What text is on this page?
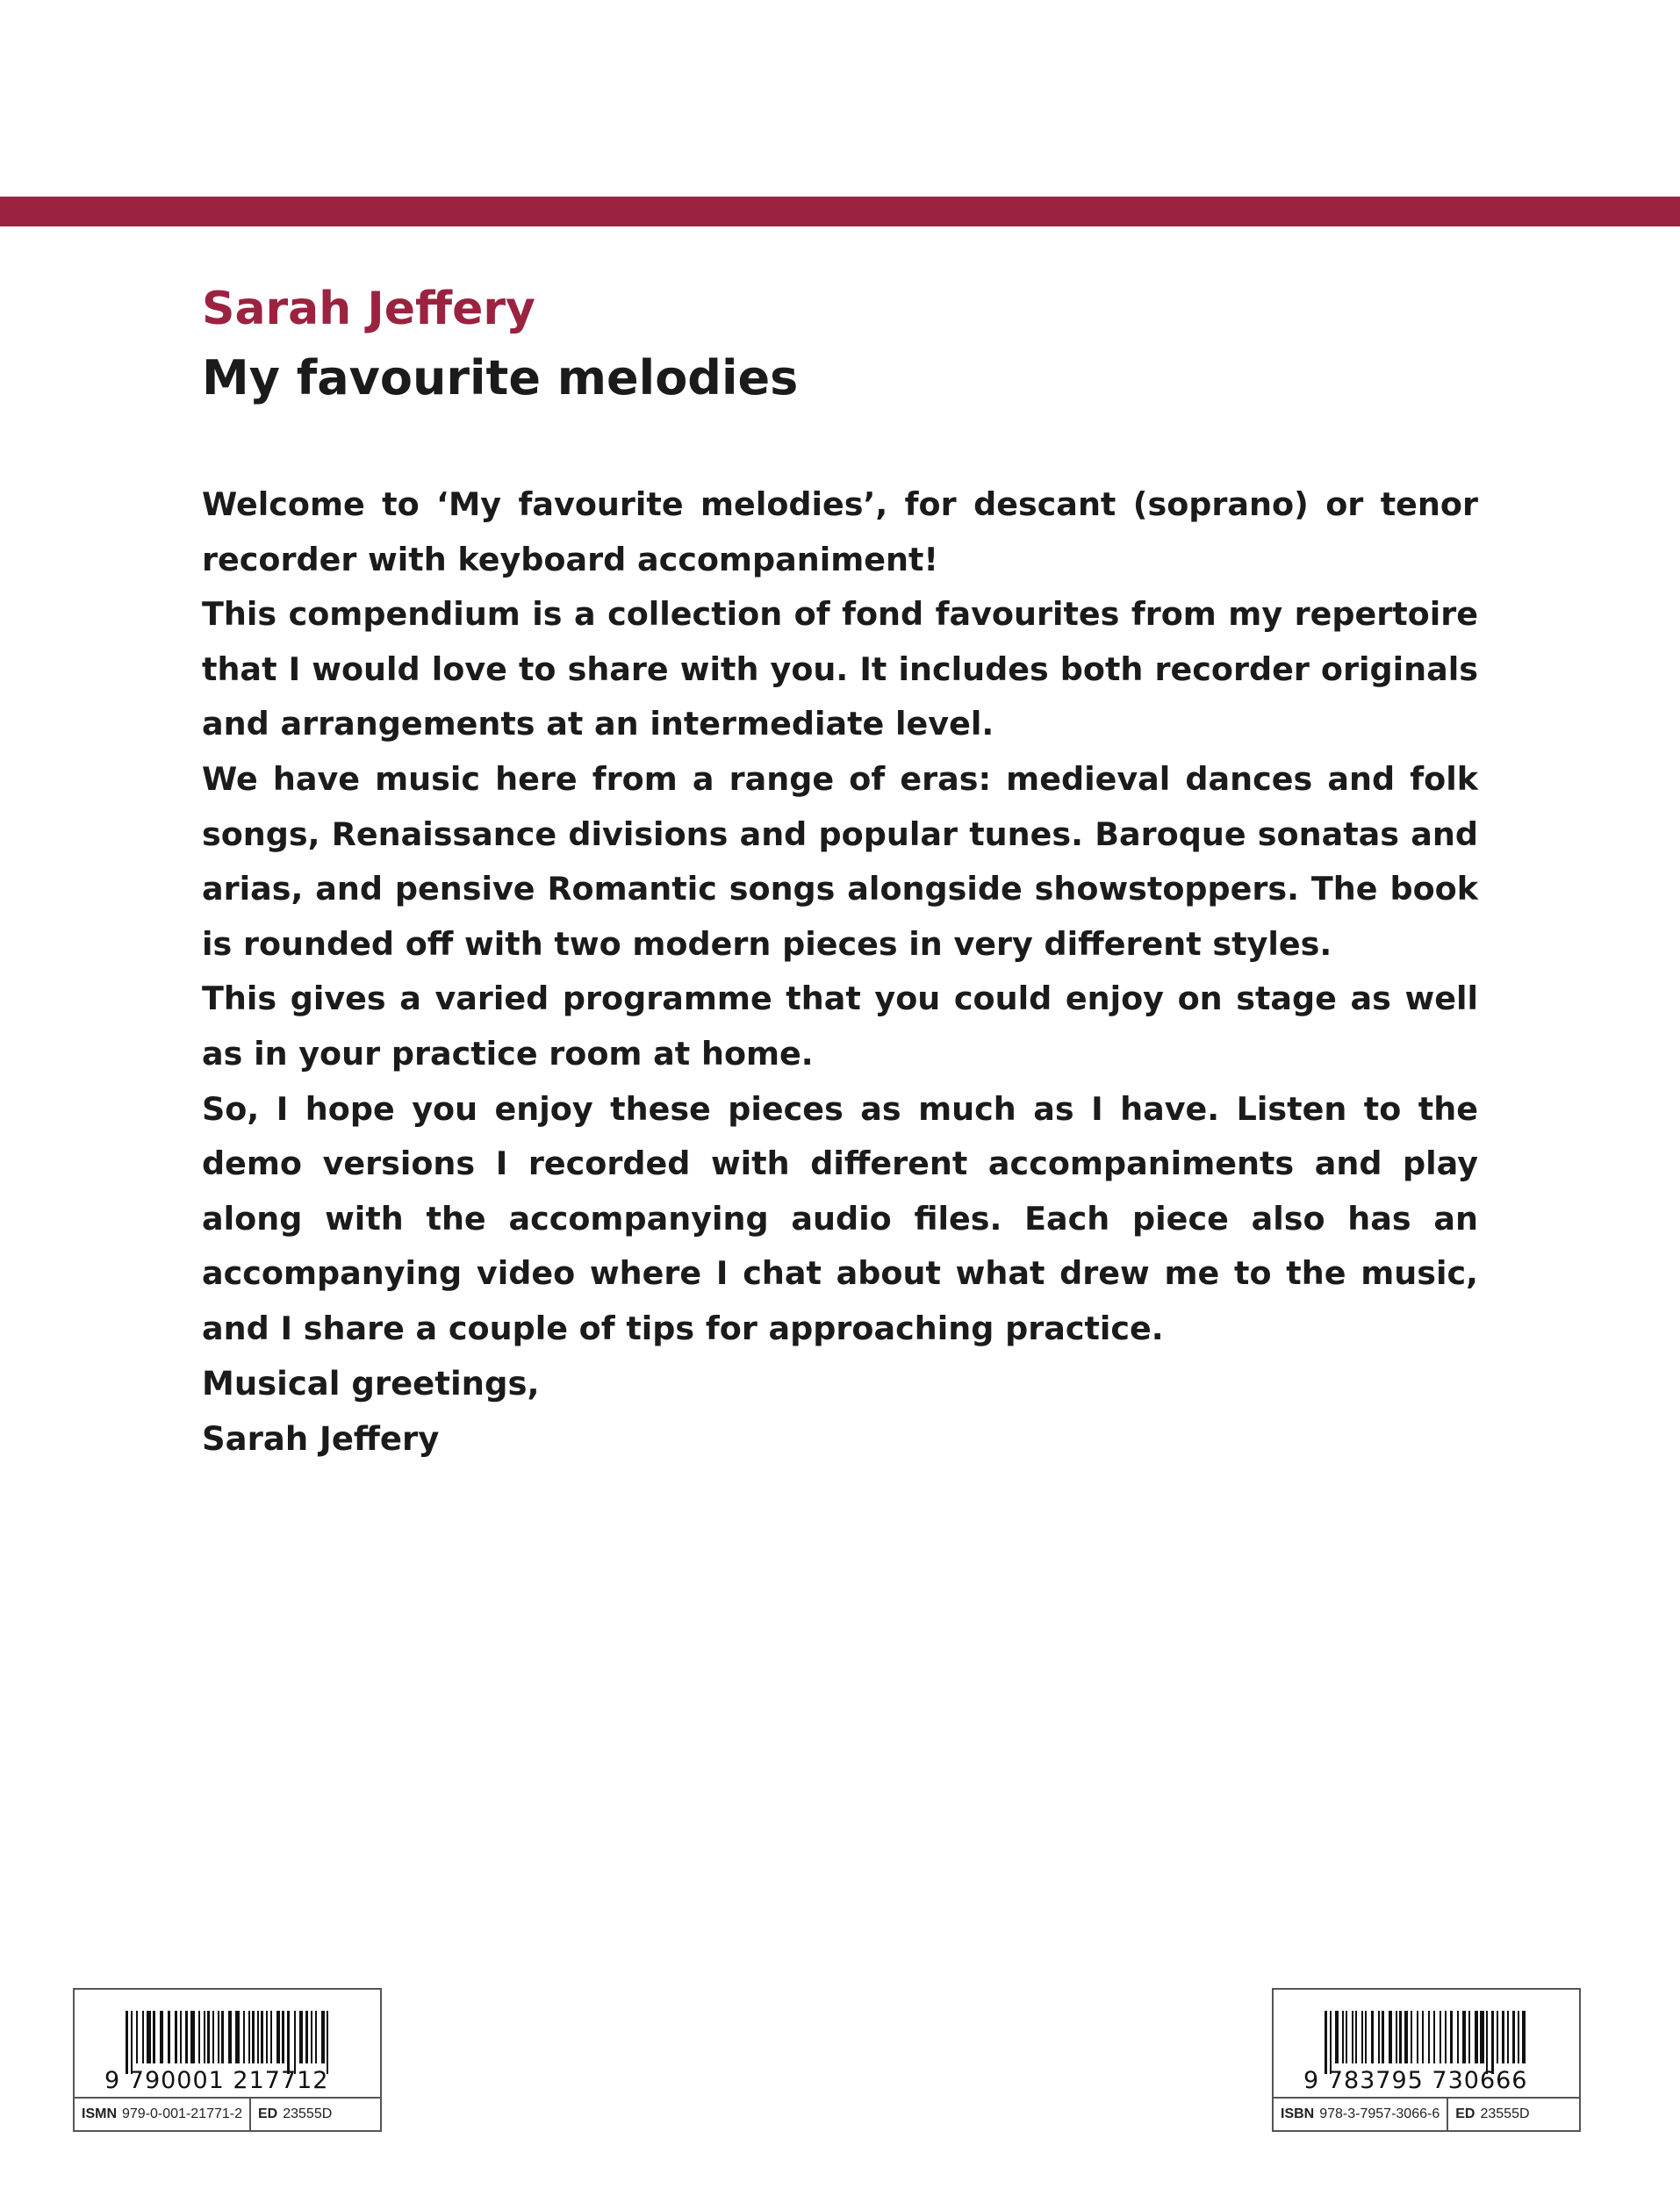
Sarah Jeffery
My favourite melodies

Welcome to ‘My favourite melodies’, for descant (soprano) or tenor recorder with keyboard accompaniment!

This compendium is a collection of fond favourites from my repertoire that I would love to share with you. It includes both recorder originals and arrangements at an intermediate level.

We have music here from a range of eras: medieval dances and folk songs, Renaissance divisions and popular tunes. Baroque sonatas and arias, and pensive Romantic songs alongside showstoppers. The book is rounded off with two modern pieces in very different styles.

This gives a varied programme that you could enjoy on stage as well as in your practice room at home.

So, I hope you enjoy these pieces as much as I have. Listen to the demo versions I recorded with different accompaniments and play along with the accompanying audio files. Each piece also has an accompanying video where I chat about what drew me to the music, and I share a couple of tips for approaching practice.

Musical greetings,
Sarah Jeffery
9 790001 217712
ISMN 979-0-001-21771-2 ED 23555D
9 783795 730666
ISBN 978-3-7957-3066-6 ED 23555D
